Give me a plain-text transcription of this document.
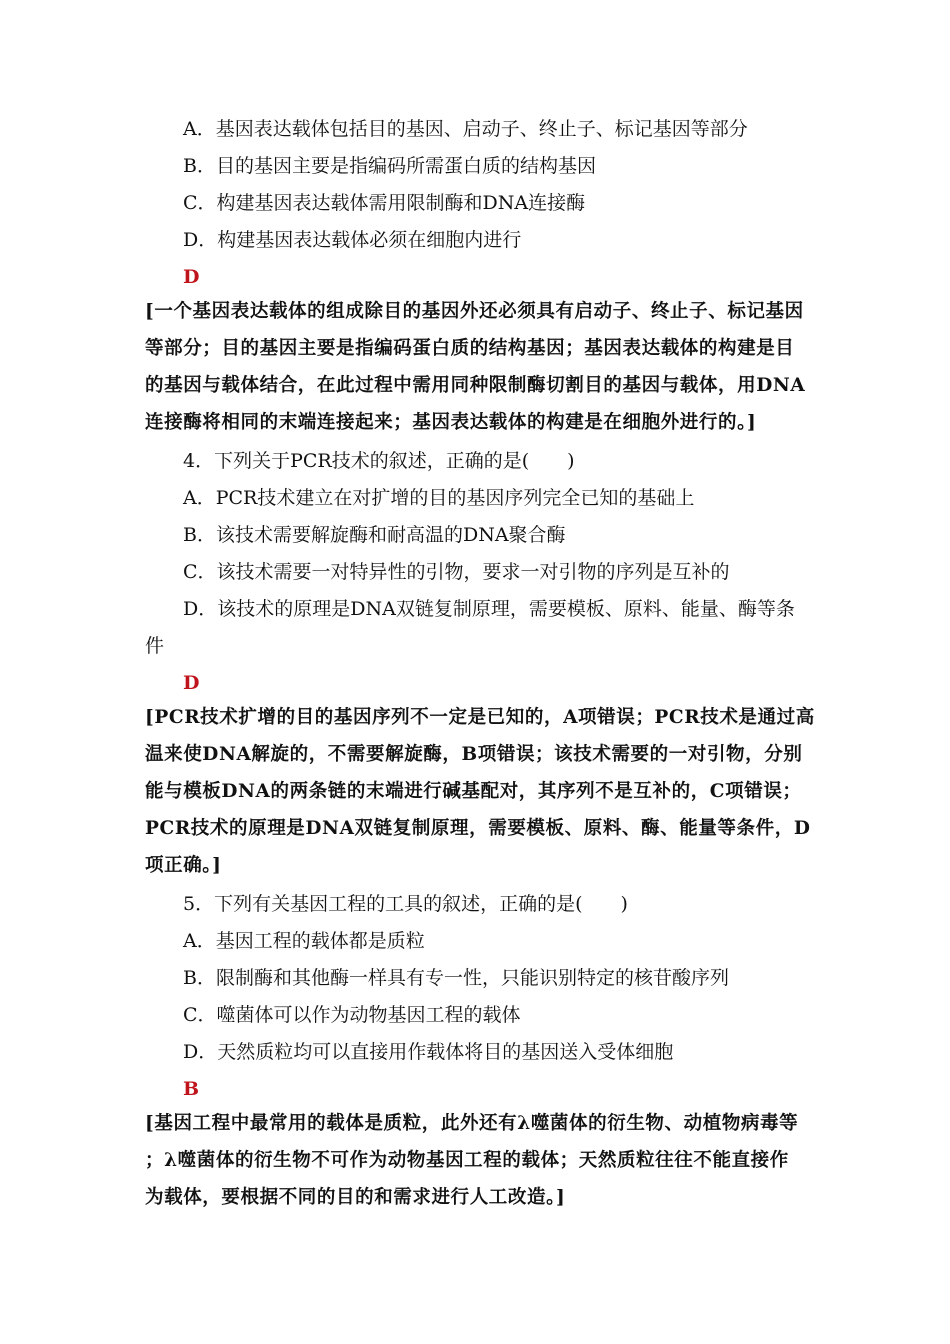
A．基因表达载体包括目的基因、启动子、终止子、标记基因等部分
B．目的基因主要是指编码所需蛋白质的结构基因
C．构建基因表达载体需用限制酶和DNA连接酶
D．构建基因表达载体必须在细胞内进行
D
[一个基因表达载体的组成除目的基因外还必须具有启动子、终止子、标记基因
等部分；目的基因主要是指编码蛋白质的结构基因；基因表达载体的构建是目
的基因与载体结合，在此过程中需用同种限制酶切割目的基因与载体，用DNA
连接酶将相同的末端连接起来；基因表达载体的构建是在细胞外进行的。]
4．下列关于PCR技术的叙述，正确的是(　　)
A．PCR技术建立在对扩增的目的基因序列完全已知的基础上
B．该技术需要解旋酶和耐高温的DNA聚合酶
C．该技术需要一对特异性的引物，要求一对引物的序列是互补的
D．该技术的原理是DNA双链复制原理，需要模板、原料、能量、酶等条
件
D
[PCR技术扩增的目的基因序列不一定是已知的，A项错误；PCR技术是通过高
温来使DNA解旋的，不需要解旋酶，B项错误；该技术需要的一对引物，分别
能与模板DNA的两条链的末端进行碱基配对，其序列不是互补的，C项错误；
PCR技术的原理是DNA双链复制原理，需要模板、原料、酶、能量等条件，D
项正确。]
5．下列有关基因工程的工具的叙述，正确的是(　　)
A．基因工程的载体都是质粒
B．限制酶和其他酶一样具有专一性，只能识别特定的核苷酸序列
C．噬菌体可以作为动物基因工程的载体
D．天然质粒均可以直接用作载体将目的基因送入受体细胞
B
[基因工程中最常用的载体是质粒，此外还有λ噬菌体的衍生物、动植物病毒等
；λ噬菌体的衍生物不可作为动物基因工程的载体；天然质粒往往不能直接作
为载体，要根据不同的目的和需求进行人工改造。]
